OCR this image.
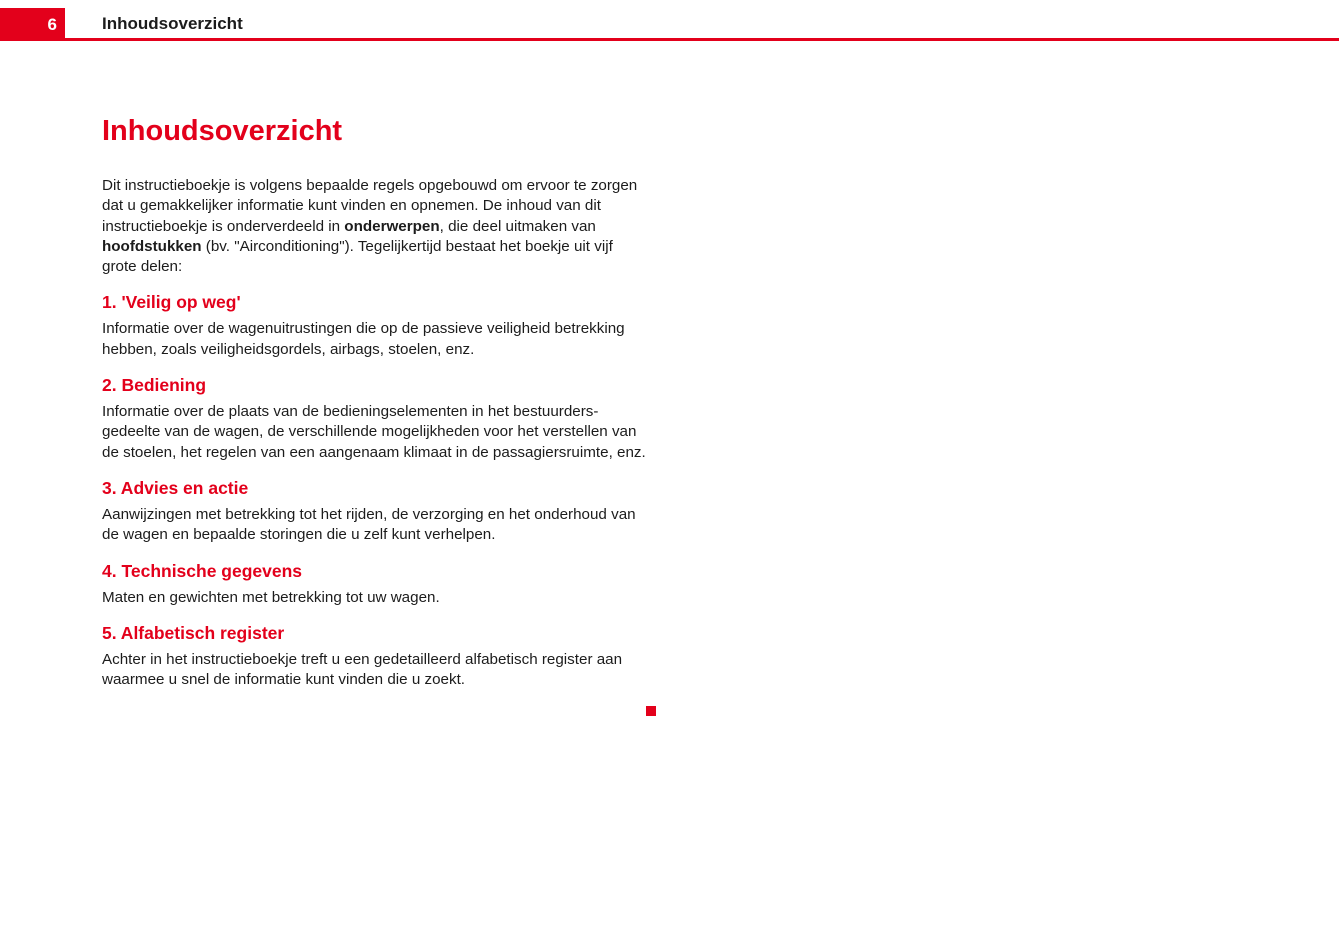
6	Inhoudsoverzicht
Inhoudsoverzicht

Dit instructieboekje is volgens bepaalde regels opgebouwd om ervoor te zorgen dat u gemakkelijker informatie kunt vinden en opnemen. De inhoud van dit instructieboekje is onderverdeeld in onderwerpen, die deel uitmaken van hoofdstukken (bv. "Airconditioning"). Tegelijkertijd bestaat het boekje uit vijf grote delen:

1. 'Veilig op weg'

Informatie over de wagenuitrustingen die op de passieve veiligheid betrekking hebben, zoals veiligheidsgordels, airbags, stoelen, enz.

2. Bediening

Informatie over de plaats van de bedieningselementen in het bestuurdersgedeelte van de wagen, de verschillende mogelijkheden voor het verstellen van de stoelen, het regelen van een aangenaam klimaat in de passagiersruimte, enz.

3. Advies en actie

Aanwijzingen met betrekking tot het rijden, de verzorging en het onderhoud van de wagen en bepaalde storingen die u zelf kunt verhelpen.

4. Technische gegevens

Maten en gewichten met betrekking tot uw wagen.

5. Alfabetisch register

Achter in het instructieboekje treft u een gedetailleerd alfabetisch register aan waarmee u snel de informatie kunt vinden die u zoekt.
